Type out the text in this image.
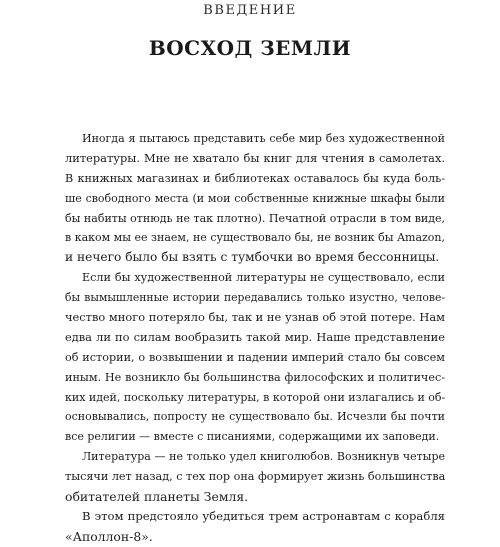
ВВЕДЕНИЕ
ВОСХОД ЗЕМЛИ
Иногда я пытаюсь представить себе мир без художественной
литературы. Мне не хватало бы книг для чтения в самолетах.
В книжных магазинах и библиотеках оставалось бы куда боль-
ше свободного места (и мои собственные книжные шкафы были
бы набиты отнюдь не так плотно). Печатной отрасли в том виде,
в каком мы ее знаем, не существовало бы, не возник бы Amazon,
и нечего было бы взять с тумбочки во время бессонницы.
Если бы художественной литературы не существовало, если
бы вымышленные истории передавались только изустно, челове-
чество много потеряло бы, так и не узнав об этой потере. Нам
едва ли по силам вообразить такой мир. Наше представление
об истории, о возвышении и падении империй стало бы совсем
иным. Не возникло бы большинства философских и политичес-
ких идей, поскольку литературы, в которой они излагались и об-
основывались, попросту не существовало бы. Исчезли бы почти
все религии — вместе с писаниями, содержащими их заповеди.
Литература — не только удел книголюбов. Возникнув четыре
тысячи лет назад, с тех пор она формирует жизнь большинства
обитателей планеты Земля.
В этом предстояло убедиться трем астронавтам с корабля
«Аполлон-8».
